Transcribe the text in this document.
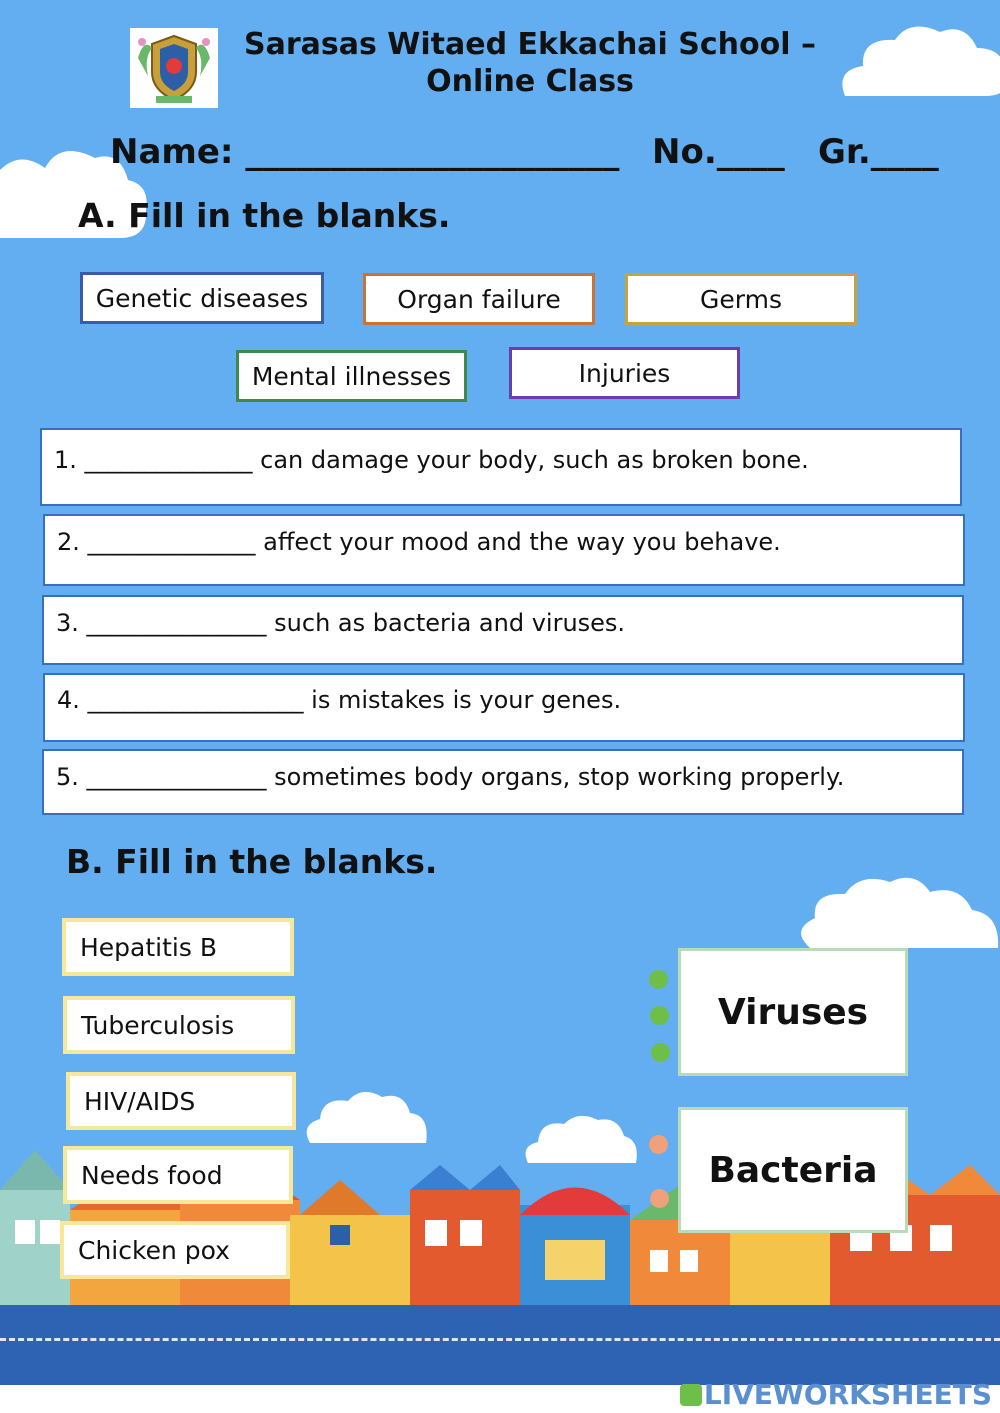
Sarasas Witaed Ekkachai School – Online Class
Name: ______________________ No.____ Gr.____
A. Fill in the blanks.
Genetic diseases	Organ failure	Germs
Mental illnesses	Injuries
1. ______________ can damage your body, such as broken bone.
2. ______________ affect your mood and the way you behave.
3. _______________ such as bacteria and viruses.
4. __________________ is mistakes is your genes.
5. _______________ sometimes body organs, stop working properly.
B. Fill in the blanks.
Hepatitis B
Tuberculosis
HIV/AIDS
Needs food
Chicken pox
Viruses
Bacteria
LIVEWORKSHEETS
